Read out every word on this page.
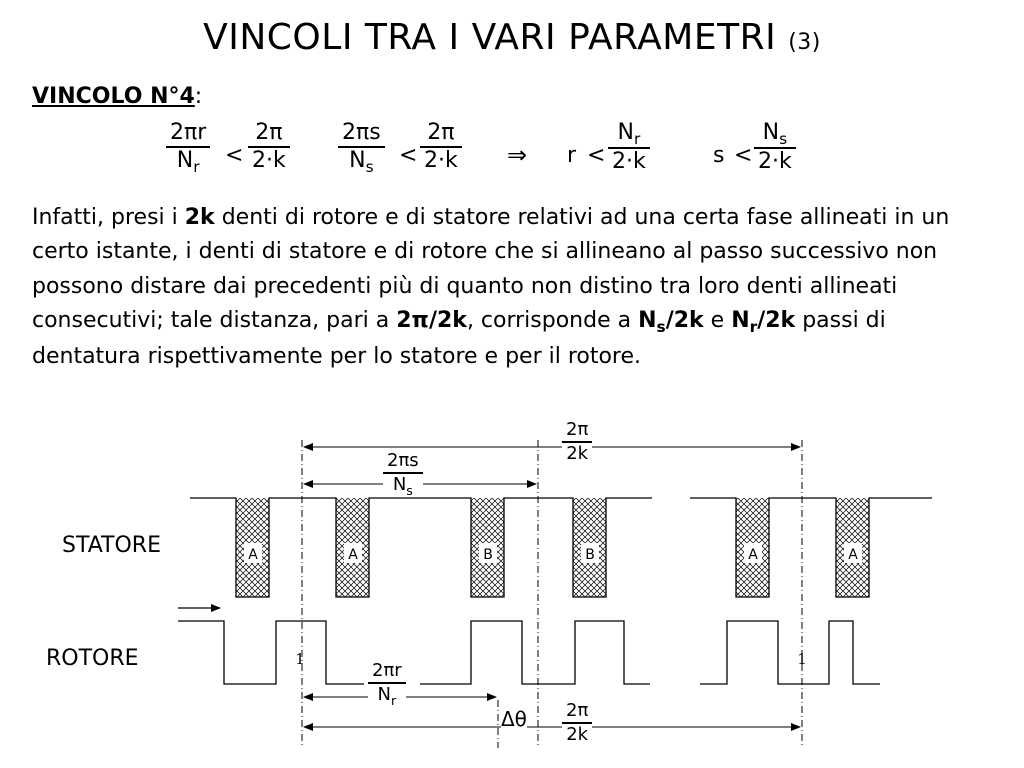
VINCOLI TRA I VARI PARAMETRI (3)
VINCOLO N°4:
2πr
$N_r$ <
2π
2·k
2πs
$N_s$ <
2π
2·k ⇒ r <
$N_r$
2·k	s <
$N_s$
2·k
Infatti, presi i 2k denti di rotore e di statore relativi ad una certa fase allineati in un certo istante, i denti di statore e di rotore che si allineano al passo successivo non possono distare dai precedenti più di quanto non distino tra loro denti allineati consecutivi; tale distanza, pari a 2π/2k, corrisponde a $N_s/2k$ e $N_r/2k$ passi di dentatura rispettivamente per lo statore e per il rotore.
A	A	B	B	A	A
1	1
STATORE
ROTORE
2π
2k
2πs
$N_s$
2πr
$N_r$
Δθ 2π
2k
